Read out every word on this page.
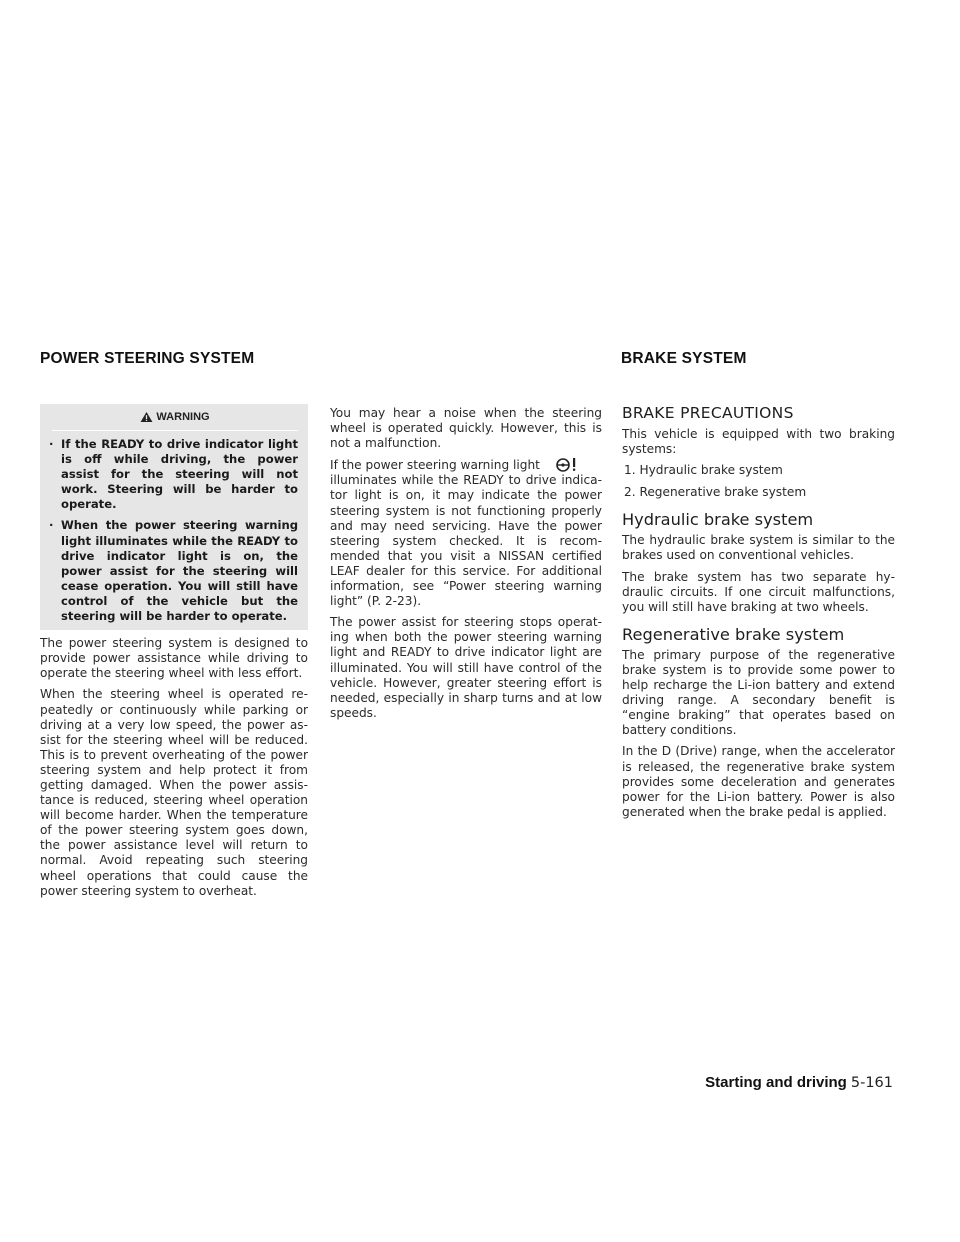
POWER STEERING SYSTEM	BRAKE SYSTEM
WARNING
· If the READY to drive indicator light is off while driving, the power assist for the steering will not work. Steering will be harder to operate.
· When the power steering warning light illuminates while the READY to drive indicator light is on, the power assist for the steering will cease operation. You will still have control of the vehicle but the steering will be harder to operate.

The power steering system is designed to provide power assistance while driving to operate the steering wheel with less effort.

When the steering wheel is operated repeatedly or continuously while parking or driving at a very low speed, the power assist for the steering wheel will be reduced. This is to prevent overheating of the power steering system and help protect it from getting damaged. When the power assistance is reduced, steering wheel operation will become harder. When the temperature of the power steering system goes down, the power assistance level will return to normal. Avoid repeating such steering wheel operations that could cause the power steering system to overheat.

You may hear a noise when the steering wheel is operated quickly. However, this is not a malfunction.

If the power steering warning light

illuminates while the READY to drive indicator light is on, it may indicate the power steering system is not functioning properly and may need servicing. Have the power steering system checked. It is recommended that you visit a NISSAN certified LEAF dealer for this service. For additional information, see “Power steering warning light” (P. 2-23).

The power assist for steering stops operating when both the power steering warning light and READY to drive indicator light are illuminated. You will still have control of the vehicle. However, greater steering effort is needed, especially in sharp turns and at low speeds.

BRAKE PRECAUTIONS

This vehicle is equipped with two braking systems:

1. Hydraulic brake system
2. Regenerative brake system
Hydraulic brake system

The hydraulic brake system is similar to the brakes used on conventional vehicles.

The brake system has two separate hydraulic circuits. If one circuit malfunctions, you will still have braking at two wheels.

Regenerative brake system

The primary purpose of the regenerative brake system is to provide some power to help recharge the Li-ion battery and extend driving range. A secondary benefit is “engine braking” that operates based on battery conditions.

In the D (Drive) range, when the accelerator is released, the regenerative brake system provides some deceleration and generates power for the Li-ion battery. Power is also generated when the brake pedal is applied.

Starting and driving 5-161
